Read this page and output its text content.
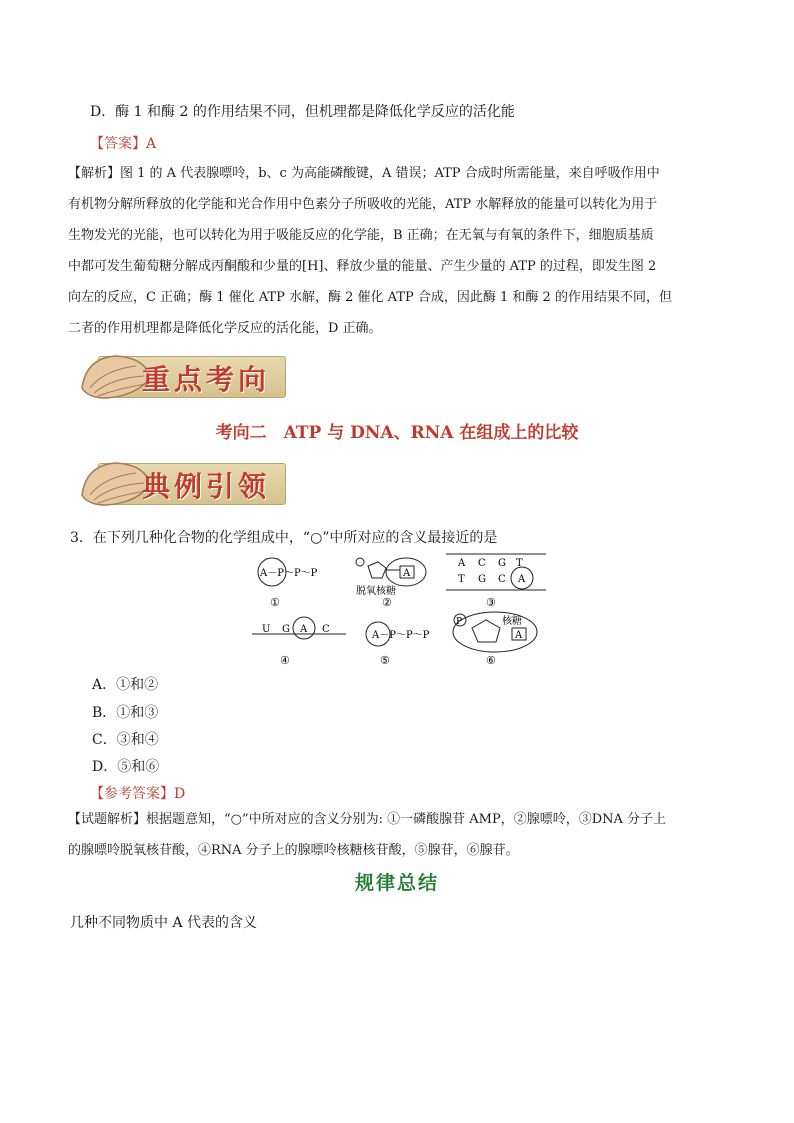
D．酶 1 和酶 2 的作用结果不同，但机理都是降低化学反应的活化能
【答案】A

【解析】图 1 的 A 代表腺嘌呤，b、c 为高能磷酸键，A 错误；ATP 合成时所需能量，来自呼吸作用中

有机物分解所释放的化学能和光合作用中色素分子所吸收的光能，ATP 水解释放的能量可以转化为用于

生物发光的光能，也可以转化为用于吸能反应的化学能，B 正确；在无氧与有氧的条件下，细胞质基质

中都可发生葡萄糖分解成丙酮酸和少量的[H]、释放少量的能量、产生少量的 ATP 的过程，即发生图 2

向左的反应，C 正确；酶 1 催化 ATP 水解，酶 2 催化 ATP 合成，因此酶 1 和酶 2 的作用结果不同，但

二者的作用机理都是降低化学反应的活化能，D 正确。

重点考向
考向二　ATP 与 DNA、RNA 在组成上的比较
典例引领
3．在下列几种化合物的化学组成中，“○”中所对应的含义最接近的是
A－P～P～P
①
A
脱氧核糖
②
A C G T
T G C A
③
U G A C
④
A－P～P～P
⑤
P	核糖
A
⑥
A．①和②
B．①和③
C．③和④
D．⑤和⑥
【参考答案】D

【试题解析】根据题意知，“○”中所对应的含义分别为: ①一磷酸腺苷 AMP，②腺嘌呤，③DNA 分子上

的腺嘌呤脱氧核苷酸，④RNA 分子上的腺嘌呤核糖核苷酸，⑤腺苷，⑥腺苷。

规律总结
几种不同物质中 A 代表的含义
